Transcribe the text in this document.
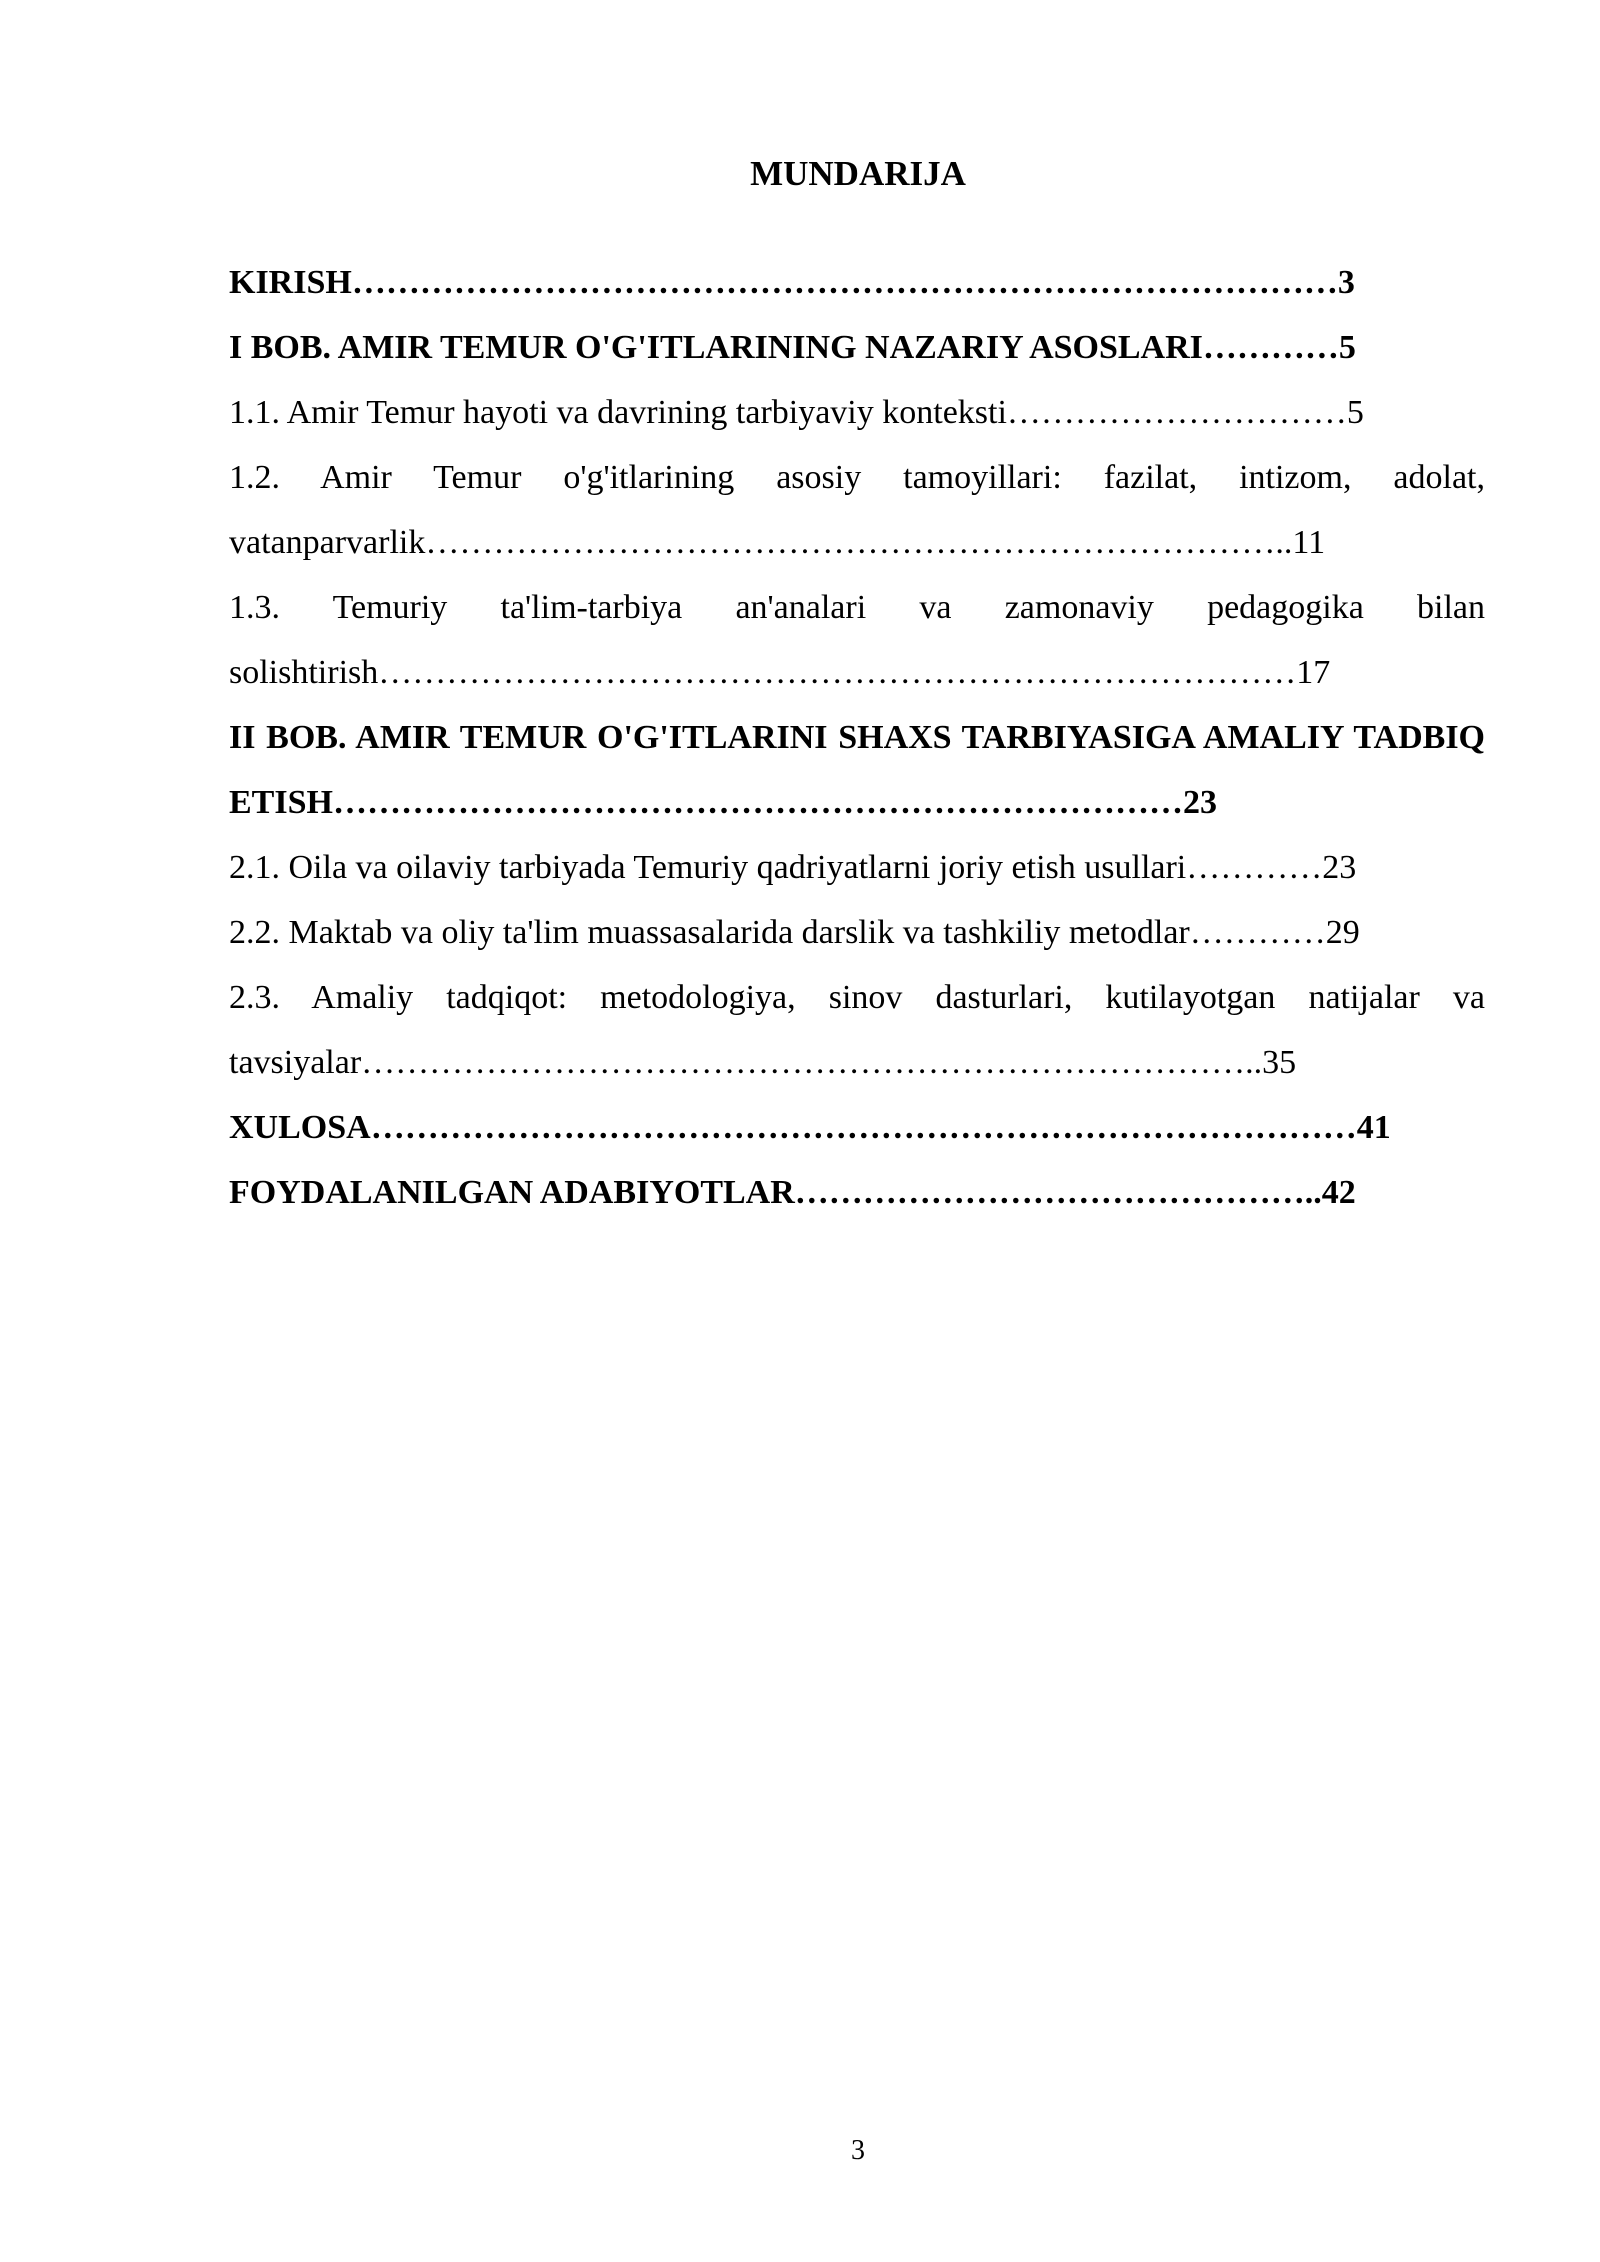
MUNDARIJA
KIRISH……………………………………………………………………………3
I BOB. AMIR TEMUR O'G'ITLARINING NAZARIY ASOSLARI…………5
1.1. Amir Temur hayoti va davrining tarbiyaviy konteksti…………………………5
1.2. Amir Temur o'g'itlarining asosiy tamoyillari: fazilat, intizom, adolat, vatanparvarlik…………………………………………………………………..11
1.3. Temuriy ta'lim-tarbiya an'analari va zamonaviy pedagogika bilan solishtirish………………………………………………………………………17
II BOB. AMIR TEMUR O'G'ITLARINI SHAXS TARBIYASIGA AMALIY TADBIQ ETISH…………………………………………………………………23
2.1. Oila va oilaviy tarbiyada Temuriy qadriyatlarni joriy etish usullari…………23
2.2. Maktab va oliy ta'lim muassasalarida darslik va tashkiliy metodlar…………29
2.3. Amaliy tadqiqot: metodologiya, sinov dasturlari, kutilayotgan natijalar va tavsiyalar……………………………………………………………………..35
XULOSA……………………………………………………………………………41
FOYDALANILGAN ADABIYOTLAR………………………………………..42
3
